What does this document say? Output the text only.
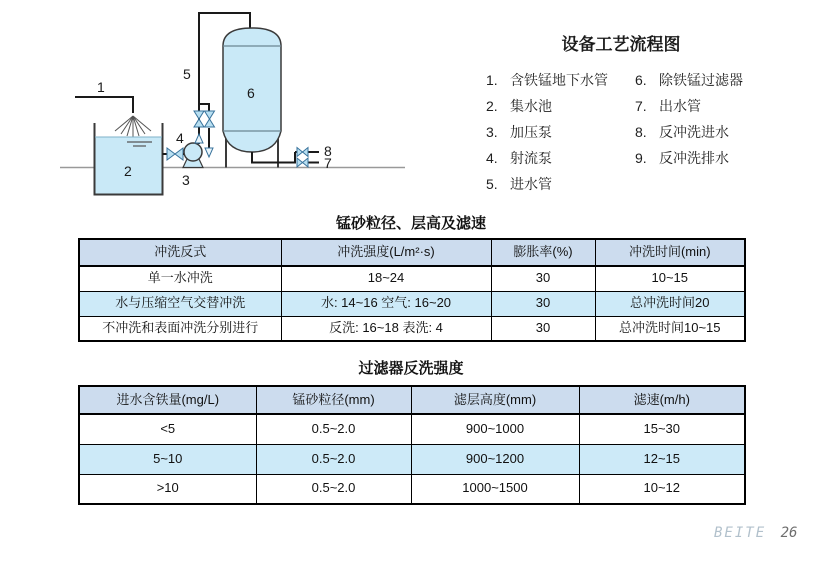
1
2
3
4
5
6
7
8
设备工艺流程图
1. 含铁锰地下水管
2. 集水池
3. 加压泵
4. 射流泵
5. 进水管
6. 除铁锰过滤器
7. 出水管
8. 反冲洗进水
9. 反冲洗排水
锰砂粒径、层高及滤速
冲洗反式	冲洗强度(L/m²·s)	膨胀率(%)	冲洗时间(min)
单一水冲洗	18~24	30	10~15
水与压缩空气交替冲洗	水: 14~16 空气: 16~20	30	总冲洗时间20
不冲洗和表面冲洗分别进行	反洗: 16~18 表洗: 4	30	总冲洗时间10~15
过滤器反洗强度
进水含铁量(mg/L)	锰砂粒径(mm)	滤层高度(mm)	滤速(m/h)
<5	0.5~2.0	900~1000	15~30
5~10	0.5~2.0	900~1200	12~15
>10	0.5~2.0	1000~1500	10~12
BEITE 26
